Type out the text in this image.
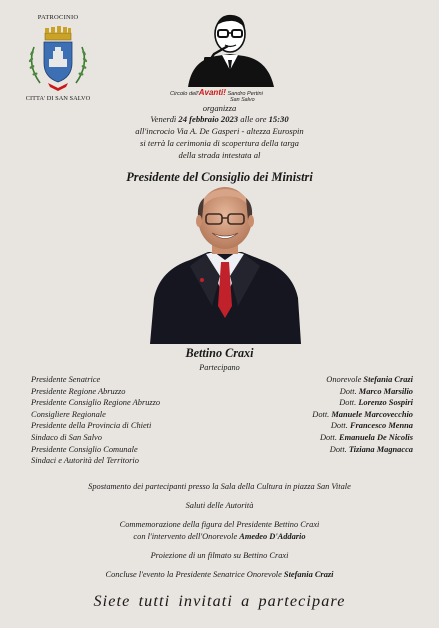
PATROCINIO
CITTA' DI SAN SALVO
Circolo dell'Avanti! Sandro Pertini
San Salvo
organizza
Venerdì 24 febbraio 2023 alle ore 15:30
all'incrocio Via A. De Gasperi - altezza Eurospin
si terrà la cerimonia di scopertura della targa
della strada intestata al
Presidente del Consiglio dei Ministri
Bettino Craxi
Partecipano
Presidente Senatrice
Presidente Regione Abruzzo
Presidente Consiglio Regione Abruzzo
Consigliere Regionale
Presidente della Provincia di Chieti
Sindaco di San Salvo
Presidente Consiglio Comunale
Sindaci e Autorità del Territorio
Onorevole Stefania Crazi
Dott. Marco Marsilio
Dott. Lorenzo Sospiri
Dott. Manuele Marcovecchio
Dott. Francesco Menna
Dott. Emanuela De Nicolis
Dott. Tiziana Magnacca
Spostamento dei partecipanti presso la Sala della Cultura in piazza San Vitale
Saluti delle Autorità
Commemorazione della figura del Presidente Bettino Craxi
con l'intervento dell'Onorevole Amedeo D'Addario
Proiezione di un filmato su Bettino Craxi
Concluse l'evento la Presidente Senatrice Onorevole Stefania Crazi
Siete tutti invitati a partecipare
